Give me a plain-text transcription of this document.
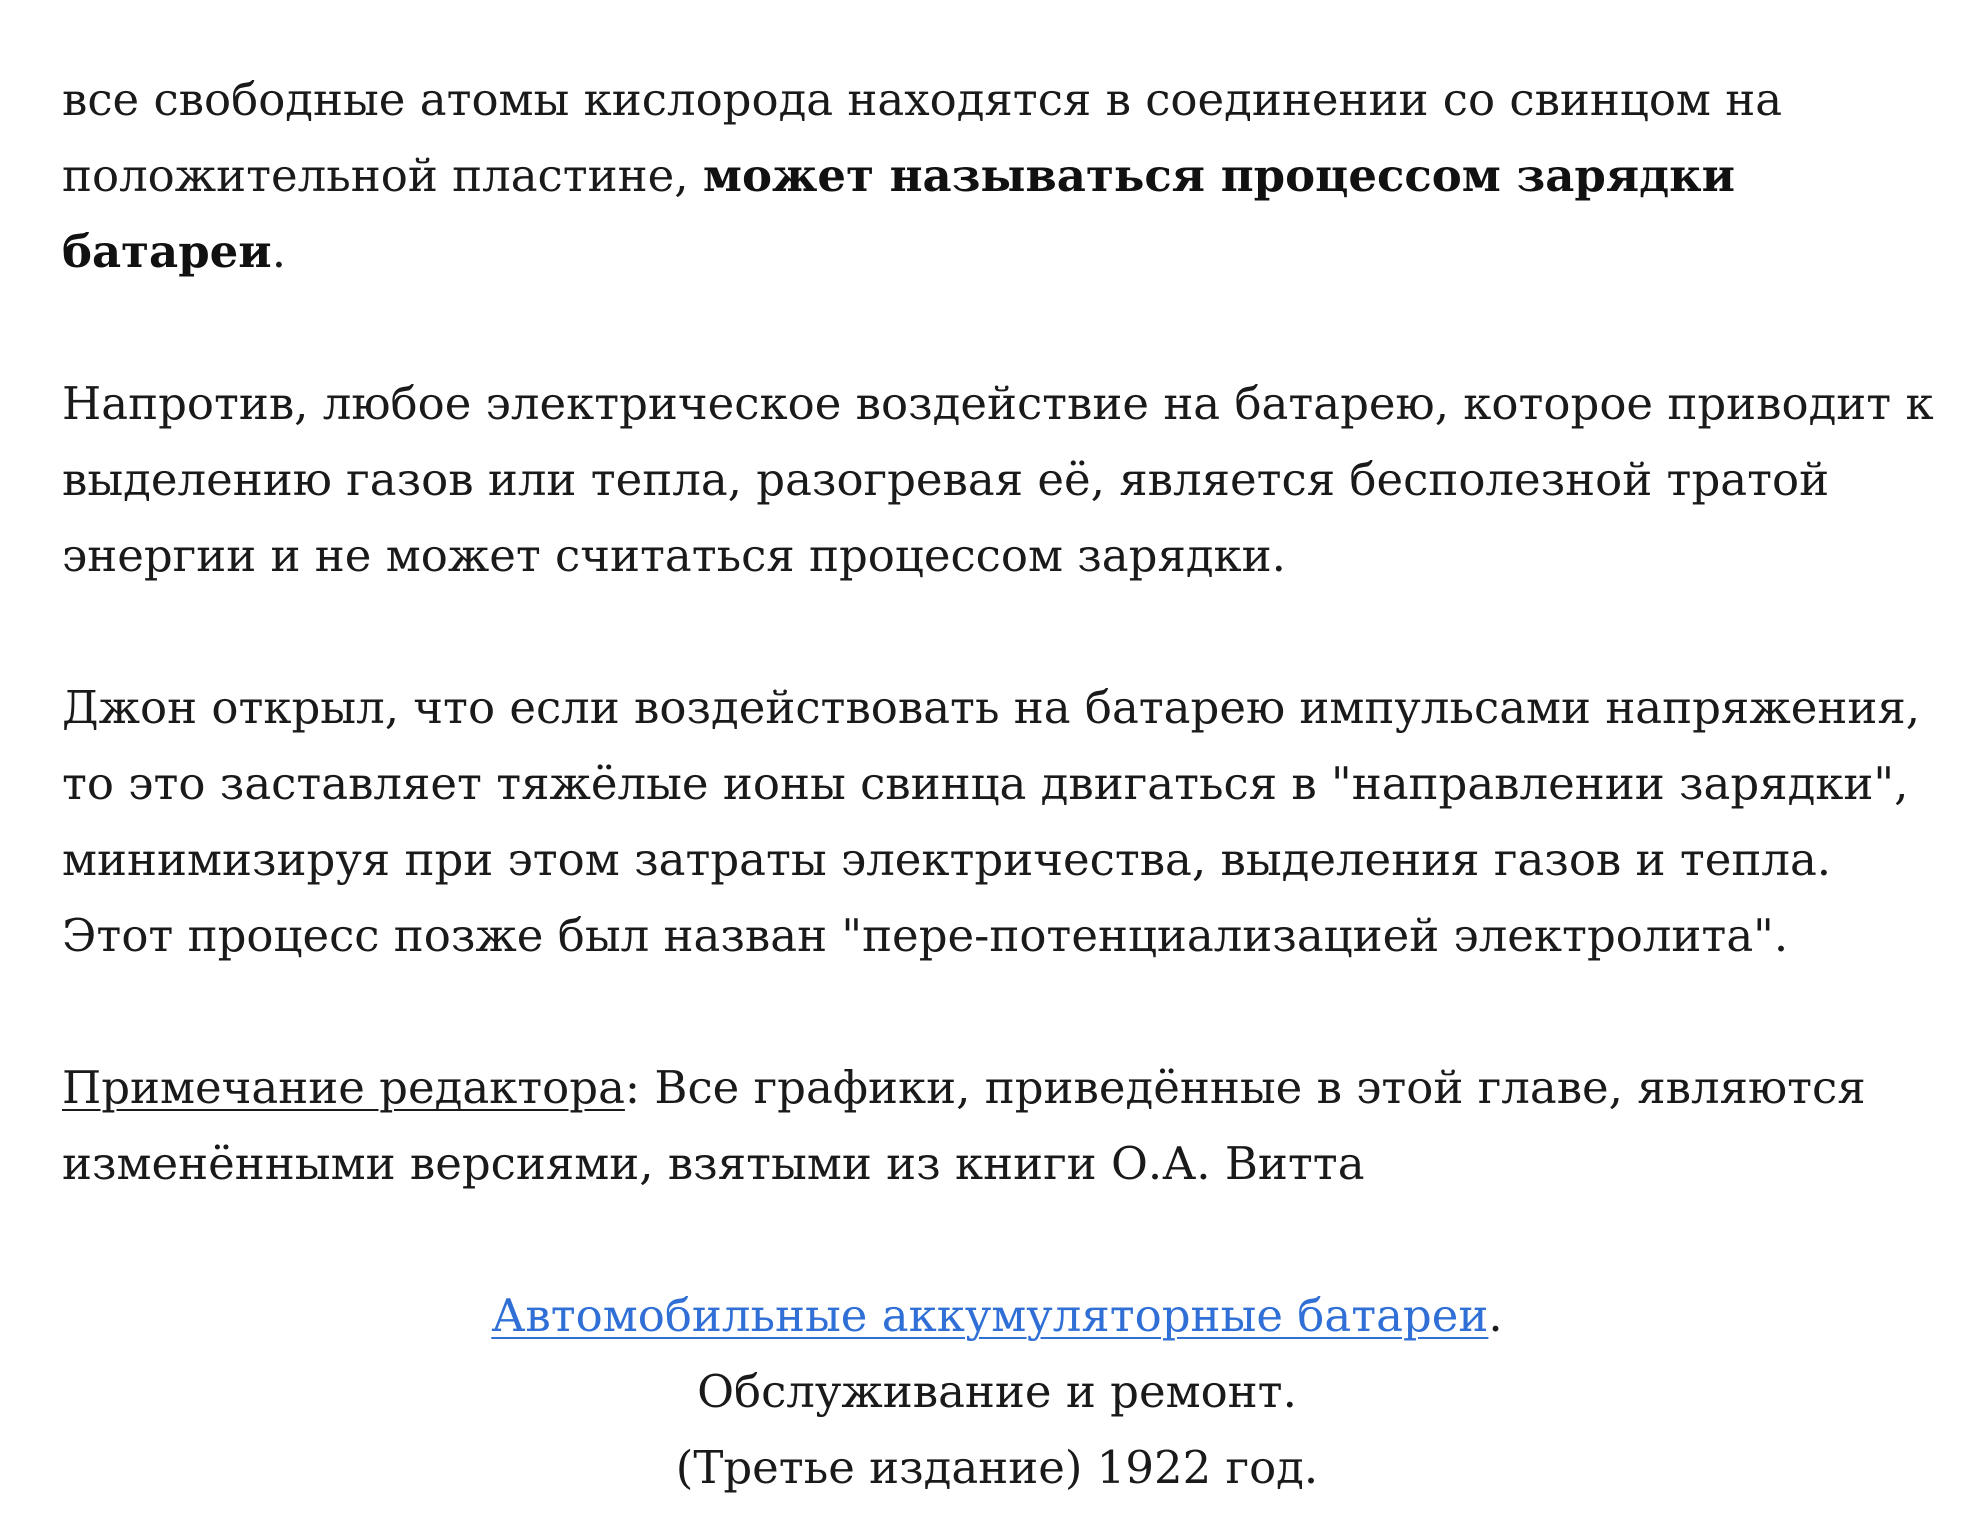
все свободные атомы кислорода находятся в соединении со свинцом на положительной пластине, может называться процессом зарядки батареи.

Напротив, любое электрическое воздействие на батарею, которое приводит к выделению газов или тепла, разогревая её, является бесполезной тратой энергии и не может считаться процессом зарядки.

Джон открыл, что если воздействовать на батарею импульсами напряжения, то это заставляет тяжёлые ионы свинца двигаться в "направлении зарядки", минимизируя при этом затраты электричества, выделения газов и тепла. Этот процесс позже был назван "пере-потенциализацией электролита".

Примечание редактора: Все графики, приведённые в этой главе, являются изменёнными версиями, взятыми из книги О.А. Витта

Автомобильные аккумуляторные батареи.
Обслуживание и ремонт.
(Третье издание) 1922 год.
